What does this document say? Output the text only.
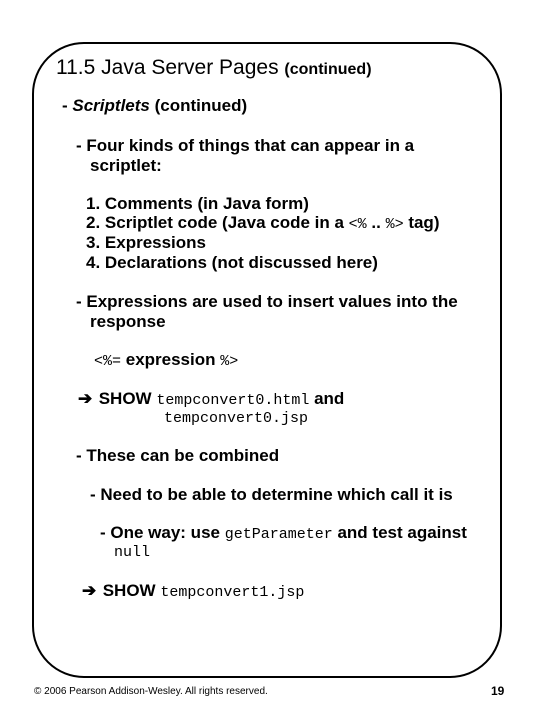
11.5 Java Server Pages (continued)
- Scriptlets (continued)
- Four kinds of things that can appear in a
scriptlet:
1. Comments (in Java form)
2. Scriptlet code (Java code in a <% .. %> tag)
3. Expressions
4. Declarations (not discussed here)
- Expressions are used to insert values into the
response
<%= expression %>
➔ SHOW tempconvert0.html and
tempconvert0.jsp
- These can be combined
- Need to be able to determine which call it is
- One way: use getParameter and test against
null
➔ SHOW tempconvert1.jsp
© 2006 Pearson Addison-Wesley. All rights reserved.	19
